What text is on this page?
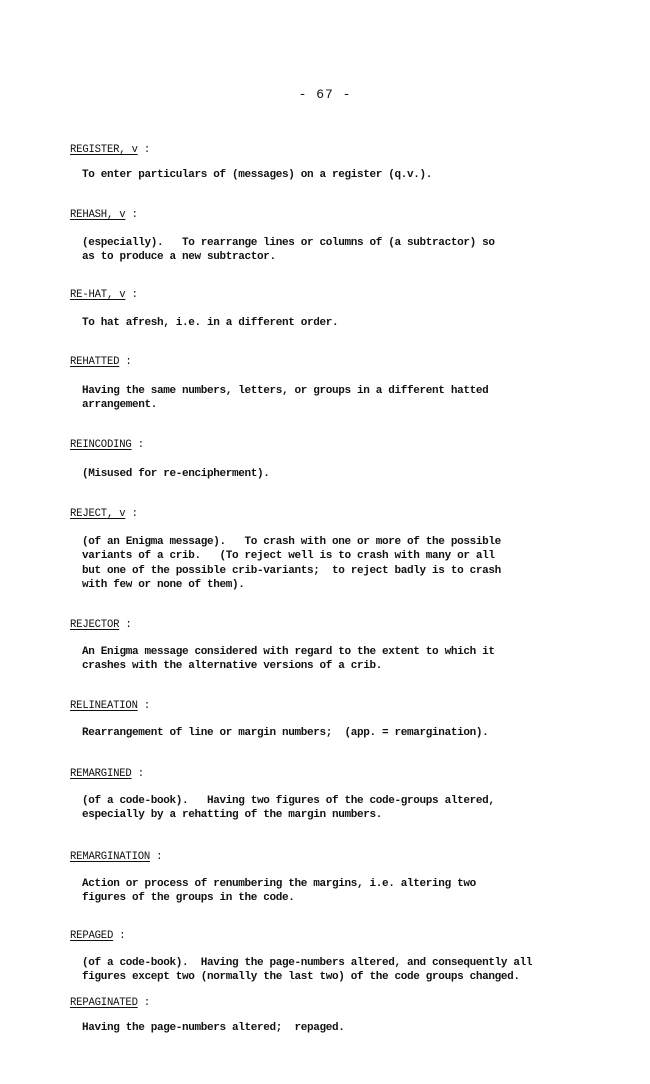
- 67 -
REGISTER, v :
To enter particulars of (messages) on a register (q.v.).
REHASH, v :
(especially).   To rearrange lines or columns of (a subtractor) so
as to produce a new subtractor.
RE-HAT, v :
To hat afresh, i.e. in a different order.
REHATTED :
Having the same numbers, letters, or groups in a different hatted
arrangement.
REINCODING :
(Misused for re-encipherment).
REJECT, v :
(of an Enigma message).   To crash with one or more of the possible
variants of a crib.   (To reject well is to crash with many or all
but one of the possible crib-variants;  to reject badly is to crash
with few or none of them).
REJECTOR :
An Enigma message considered with regard to the extent to which it
crashes with the alternative versions of a crib.
RELINEATION :
Rearrangement of line or margin numbers;  (app. = remargination).
REMARGINED :
(of a code-book).   Having two figures of the code-groups altered,
especially by a rehatting of the margin numbers.
REMARGINATION :
Action or process of renumbering the margins, i.e. altering two
figures of the groups in the code.
REPAGED :
(of a code-book).  Having the page-numbers altered, and consequently all
figures except two (normally the last two) of the code groups changed.
REPAGINATED :
Having the page-numbers altered;  repaged.
